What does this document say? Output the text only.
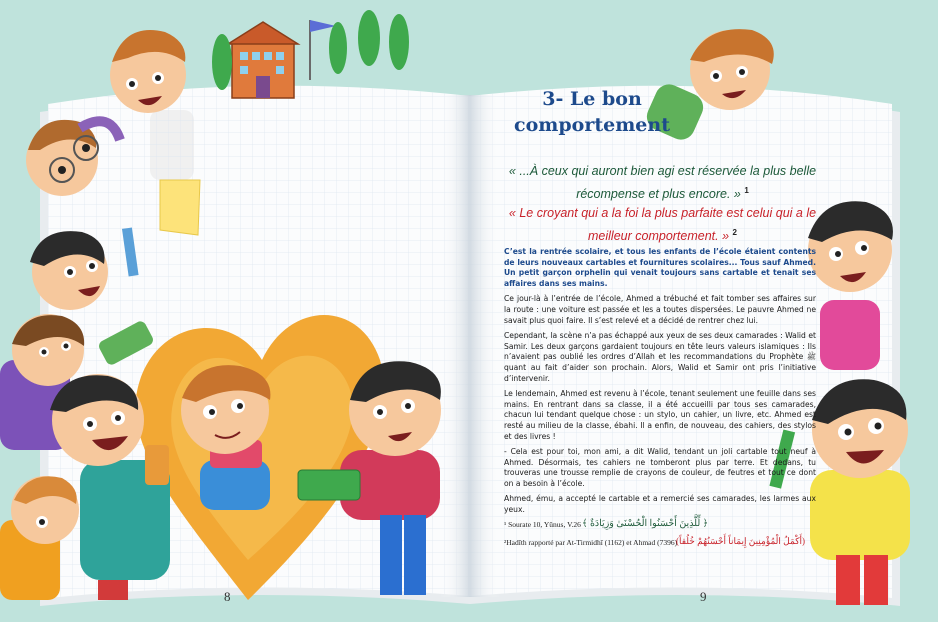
3- Le bon comportement
« ...À ceux qui auront bien agi est réservée la plus belle récompense et plus encore. » $^1$
« Le croyant qui a la foi la plus parfaite est celui qui a le meilleur comportement. » $^2$

C’est la rentrée scolaire, et tous les enfants de l’école étaient contents de leurs nouveaux cartables et fournitures scolaires... Tous sauf Ahmed. Un petit garçon orphelin qui venait toujours sans cartable et tenait ses affaires dans ses mains.

Ce jour-là à l’entrée de l’école, Ahmed a trébuché et fait tomber ses affaires sur la route : une voiture est passée et les a toutes dispersées. Le pauvre Ahmed ne savait plus quoi faire. Il s’est relevé et a décidé de rentrer chez lui.

Cependant, la scène n’a pas échappé aux yeux de ses deux camarades : Walid et Samir. Les deux garçons gardaient toujours en tête leurs valeurs islamiques : Ils n’avaient pas oublié les ordres d’Allah et les recommandations du Prophète ﷺ quant au fait d’aider son prochain. Alors, Walid et Samir ont pris l’initiative d’intervenir.

Le lendemain, Ahmed est revenu à l’école, tenant seulement une feuille dans ses mains. En rentrant dans sa classe, il a été accueilli par tous ses camarades, chacun lui tendant quelque chose : un stylo, un cahier, un livre, etc. Ahmed est resté au milieu de la classe, ébahi. Il a enfin, de nouveau, des cahiers, des stylos et des livres !

- Cela est pour toi, mon ami, a dit Walid, tendant un joli cartable tout neuf à Ahmed. Désormais, tes cahiers ne tomberont plus par terre. Et dedans, tu trouveras une trousse remplie de crayons de couleur, de feutres et tout ce dont on a besoin à l’école.

Ahmed, ému, a accepté le cartable et a remercié ses camarades, les larmes aux yeux.

¹ Sourate 10, Yûnus, V.26 ﴿ لِّلَّذِينَ أَحْسَنُوا الْحُسْنَىٰ وَزِيَادَةٌ ﴾
²Hadîth rapporté par At-Tirmidhî (1162) et Ahmad (7396)
(أَكْمَلُ الْمُؤْمِنِينَ إِيمَاناً أَحْسَنُهُمْ خُلُقاً)
8	9
